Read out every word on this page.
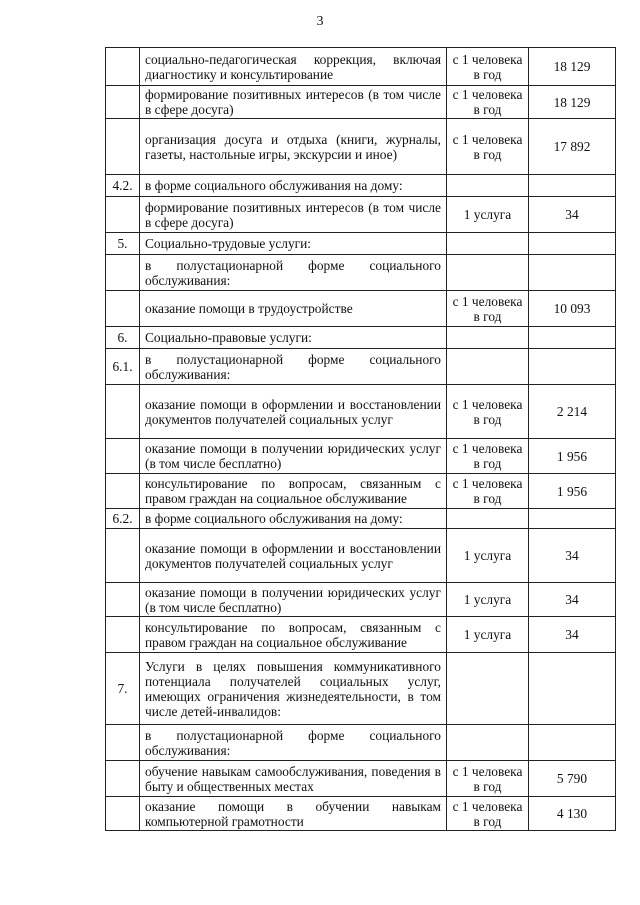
3
	социально-педагогическая коррекция, включая диагностику и консультирование	с 1 человека в год	18 129
	формирование позитивных интересов (в том числе в сфере досуга)	с 1 человека в год	18 129
	организация досуга и отдыха (книги, журналы, газеты, настольные игры, экскурсии и иное)	с 1 человека в год	17 892
4.2.	в форме социального обслуживания на дому:		
	формирование позитивных интересов (в том числе в сфере досуга)	1 услуга	34
5.	Социально-трудовые услуги:		
	в полустационарной форме социального обслуживания:		
	оказание помощи в трудоустройстве	с 1 человека в год	10 093
6.	Социально-правовые услуги:		
6.1.	в полустационарной форме социального обслуживания:		
	оказание помощи в оформлении и восстановлении документов получателей социальных услуг	с 1 человека в год	2 214
	оказание помощи в получении юридических услуг (в том числе бесплатно)	с 1 человека в год	1 956
	консультирование по вопросам, связанным с правом граждан на социальное обслуживание	с 1 человека в год	1 956
6.2.	в форме социального обслуживания на дому:		
	оказание помощи в оформлении и восстановлении документов получателей социальных услуг	1 услуга	34
	оказание помощи в получении юридических услуг (в том числе бесплатно)	1 услуга	34
	консультирование по вопросам, связанным с правом граждан на социальное обслуживание	1 услуга	34
7.	Услуги в целях повышения коммуникативного потенциала получателей социальных услуг, имеющих ограничения жизнедеятельности, в том числе детей-инвалидов:		
	в полустационарной форме социального обслуживания:		
	обучение навыкам самообслуживания, поведения в быту и общественных местах	с 1 человека в год	5 790
	оказание помощи в обучении навыкам компьютерной грамотности	с 1 человека в год	4 130
